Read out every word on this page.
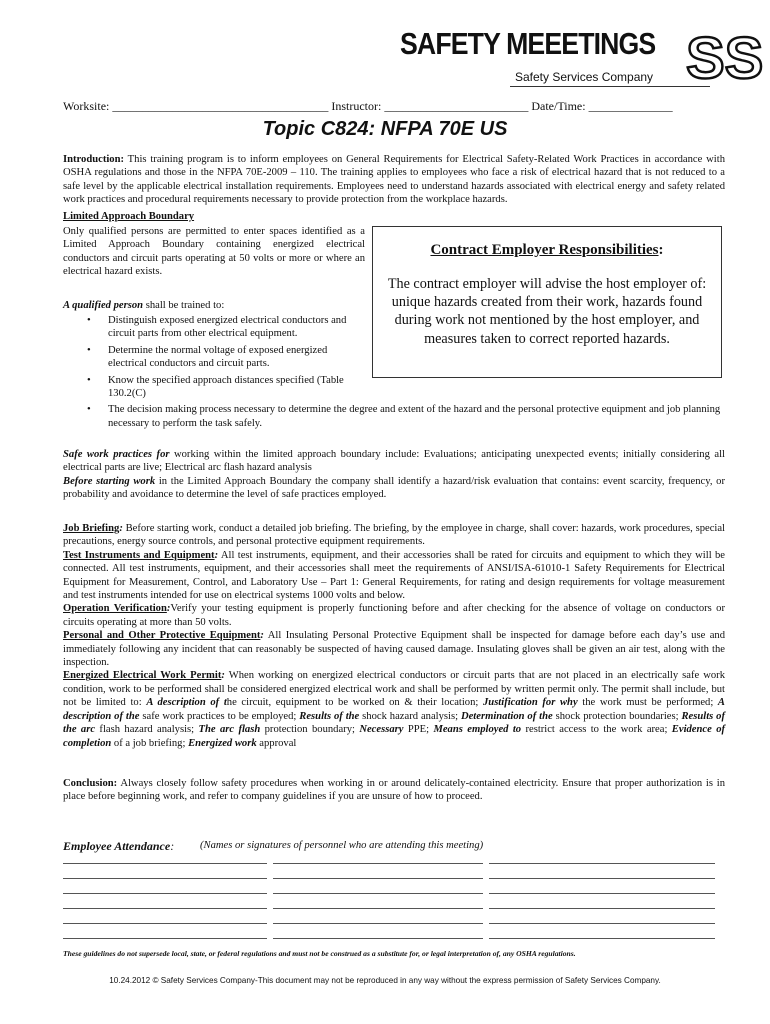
SAFETY MEEETINGS
Safety Services Company SS
Worksite: ____________________________________ Instructor: ________________________ Date/Time: ______________
Topic C824: NFPA 70E US

Introduction: This training program is to inform employees on General Requirements for Electrical Safety-Related Work Practices in accordance with OSHA regulations and those in the NFPA 70E-2009 – 110. The training applies to employees who face a risk of electrical hazard that is not reduced to a safe level by the applicable electrical installation requirements. Employees need to understand hazards associated with electrical energy and safety related work practices and procedural requirements necessary to provide protection from the workplace hazards.

Limited Approach Boundary

Only qualified persons are permitted to enter spaces identified as a Limited Approach Boundary containing energized electrical conductors and circuit parts operating at 50 volts or more or where an electrical hazard exists.

A qualified person shall be trained to:

• Distinguish exposed energized electrical conductors and circuit parts from other electrical equipment.
• Determine the normal voltage of exposed energized electrical conductors and circuit parts.
• Know the specified approach distances specified (Table 130.2(C)
• The decision making process necessary to determine the degree and extent of the hazard and the personal protective equipment and job planning necessary to perform the task safely.
Contract Employer Responsibilities:
The contract employer will advise the host employer of: unique hazards created from their work, hazards found during work not mentioned by the host employer, and measures taken to correct reported hazards.

Safe work practices for working within the limited approach boundary include: Evaluations; anticipating unexpected events; initially considering all electrical parts are live; Electrical arc flash hazard analysis

Before starting work in the Limited Approach Boundary the company shall identify a hazard/risk evaluation that contains: event scarcity, frequency, or probability and avoidance to determine the level of safe practices employed.

Job Briefing: Before starting work, conduct a detailed job briefing. The briefing, by the employee in charge, shall cover: hazards, work procedures, special precautions, energy source controls, and personal protective equipment requirements.

Test Instruments and Equipment: All test instruments, equipment, and their accessories shall be rated for circuits and equipment to which they will be connected. All test instruments, equipment, and their accessories shall meet the requirements of ANSI/ISA-61010-1 Safety Requirements for Electrical Equipment for Measurement, Control, and Laboratory Use – Part 1: General Requirements, for rating and design requirements for voltage measurement and test instruments intended for use on electrical systems 1000 volts and below.

Operation Verification:Verify your testing equipment is properly functioning before and after checking for the absence of voltage on conductors or circuits operating at more than 50 volts.

Personal and Other Protective Equipment: All Insulating Personal Protective Equipment shall be inspected for damage before each day’s use and immediately following any incident that can reasonably be suspected of having caused damage. Insulating gloves shall be given an air test, along with the inspection.

Energized Electrical Work Permit: When working on energized electrical conductors or circuit parts that are not placed in an electrically safe work condition, work to be performed shall be considered energized electrical work and shall be performed by written permit only. The permit shall include, but not be limited to: A description of the circuit, equipment to be worked on & their location; Justification for why the work must be performed; A description of the safe work practices to be employed; Results of the shock hazard analysis; Determination of the shock protection boundaries; Results of the arc flash hazard analysis; The arc flash protection boundary; Necessary PPE; Means employed to restrict access to the work area; Evidence of completion of a job briefing; Energized work approval

Conclusion: Always closely follow safety procedures when working in or around delicately-contained electricity. Ensure that proper authorization is in place before beginning work, and refer to company guidelines if you are unsure of how to proceed.

Employee Attendance: (Names or signatures of personnel who are attending this meeting)
These guidelines do not supersede local, state, or federal regulations and must not be construed as a substitute for, or legal interpretation of, any OSHA regulations.
10.24.2012 © Safety Services Company-This document may not be reproduced in any way without the express permission of Safety Services Company.
